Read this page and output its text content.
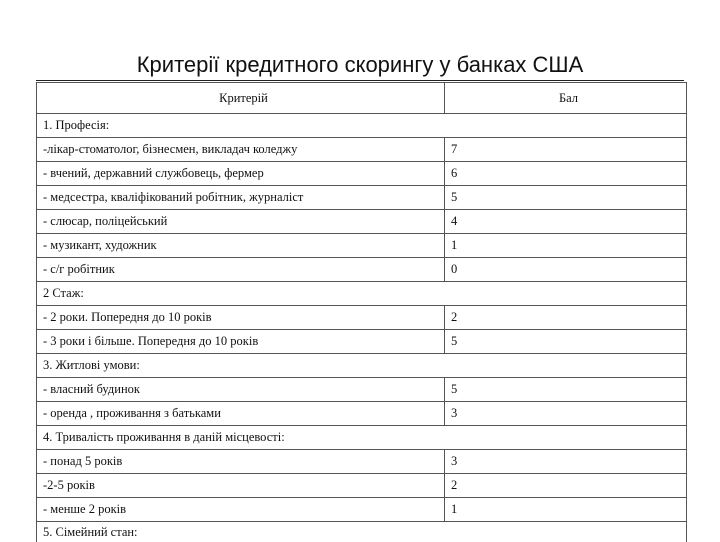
Критерії кредитного скорингу у банках США
Критерій	Бал
1. Професія:	
-лікар-стоматолог, бізнесмен, викладач коледжу	7
- вчений, державний службовець, фермер	6
- медсестра, кваліфікований робітник, журналіст	5
- слюсар, поліцейський	4
- музикант, художник	1
- с/г робітник	0
2 Стаж:	
- 2 роки. Попередня до 10 років	2
- 3 роки і більше. Попередня до 10 років	5
3. Житлові умови:	
- власний будинок	5
- оренда , проживання з батьками	3
4. Тривалість проживання в даній місцевості:	
- понад 5 років	3
-2-5 років	2
- менше 2 років	1
5. Сімейний стан:	
